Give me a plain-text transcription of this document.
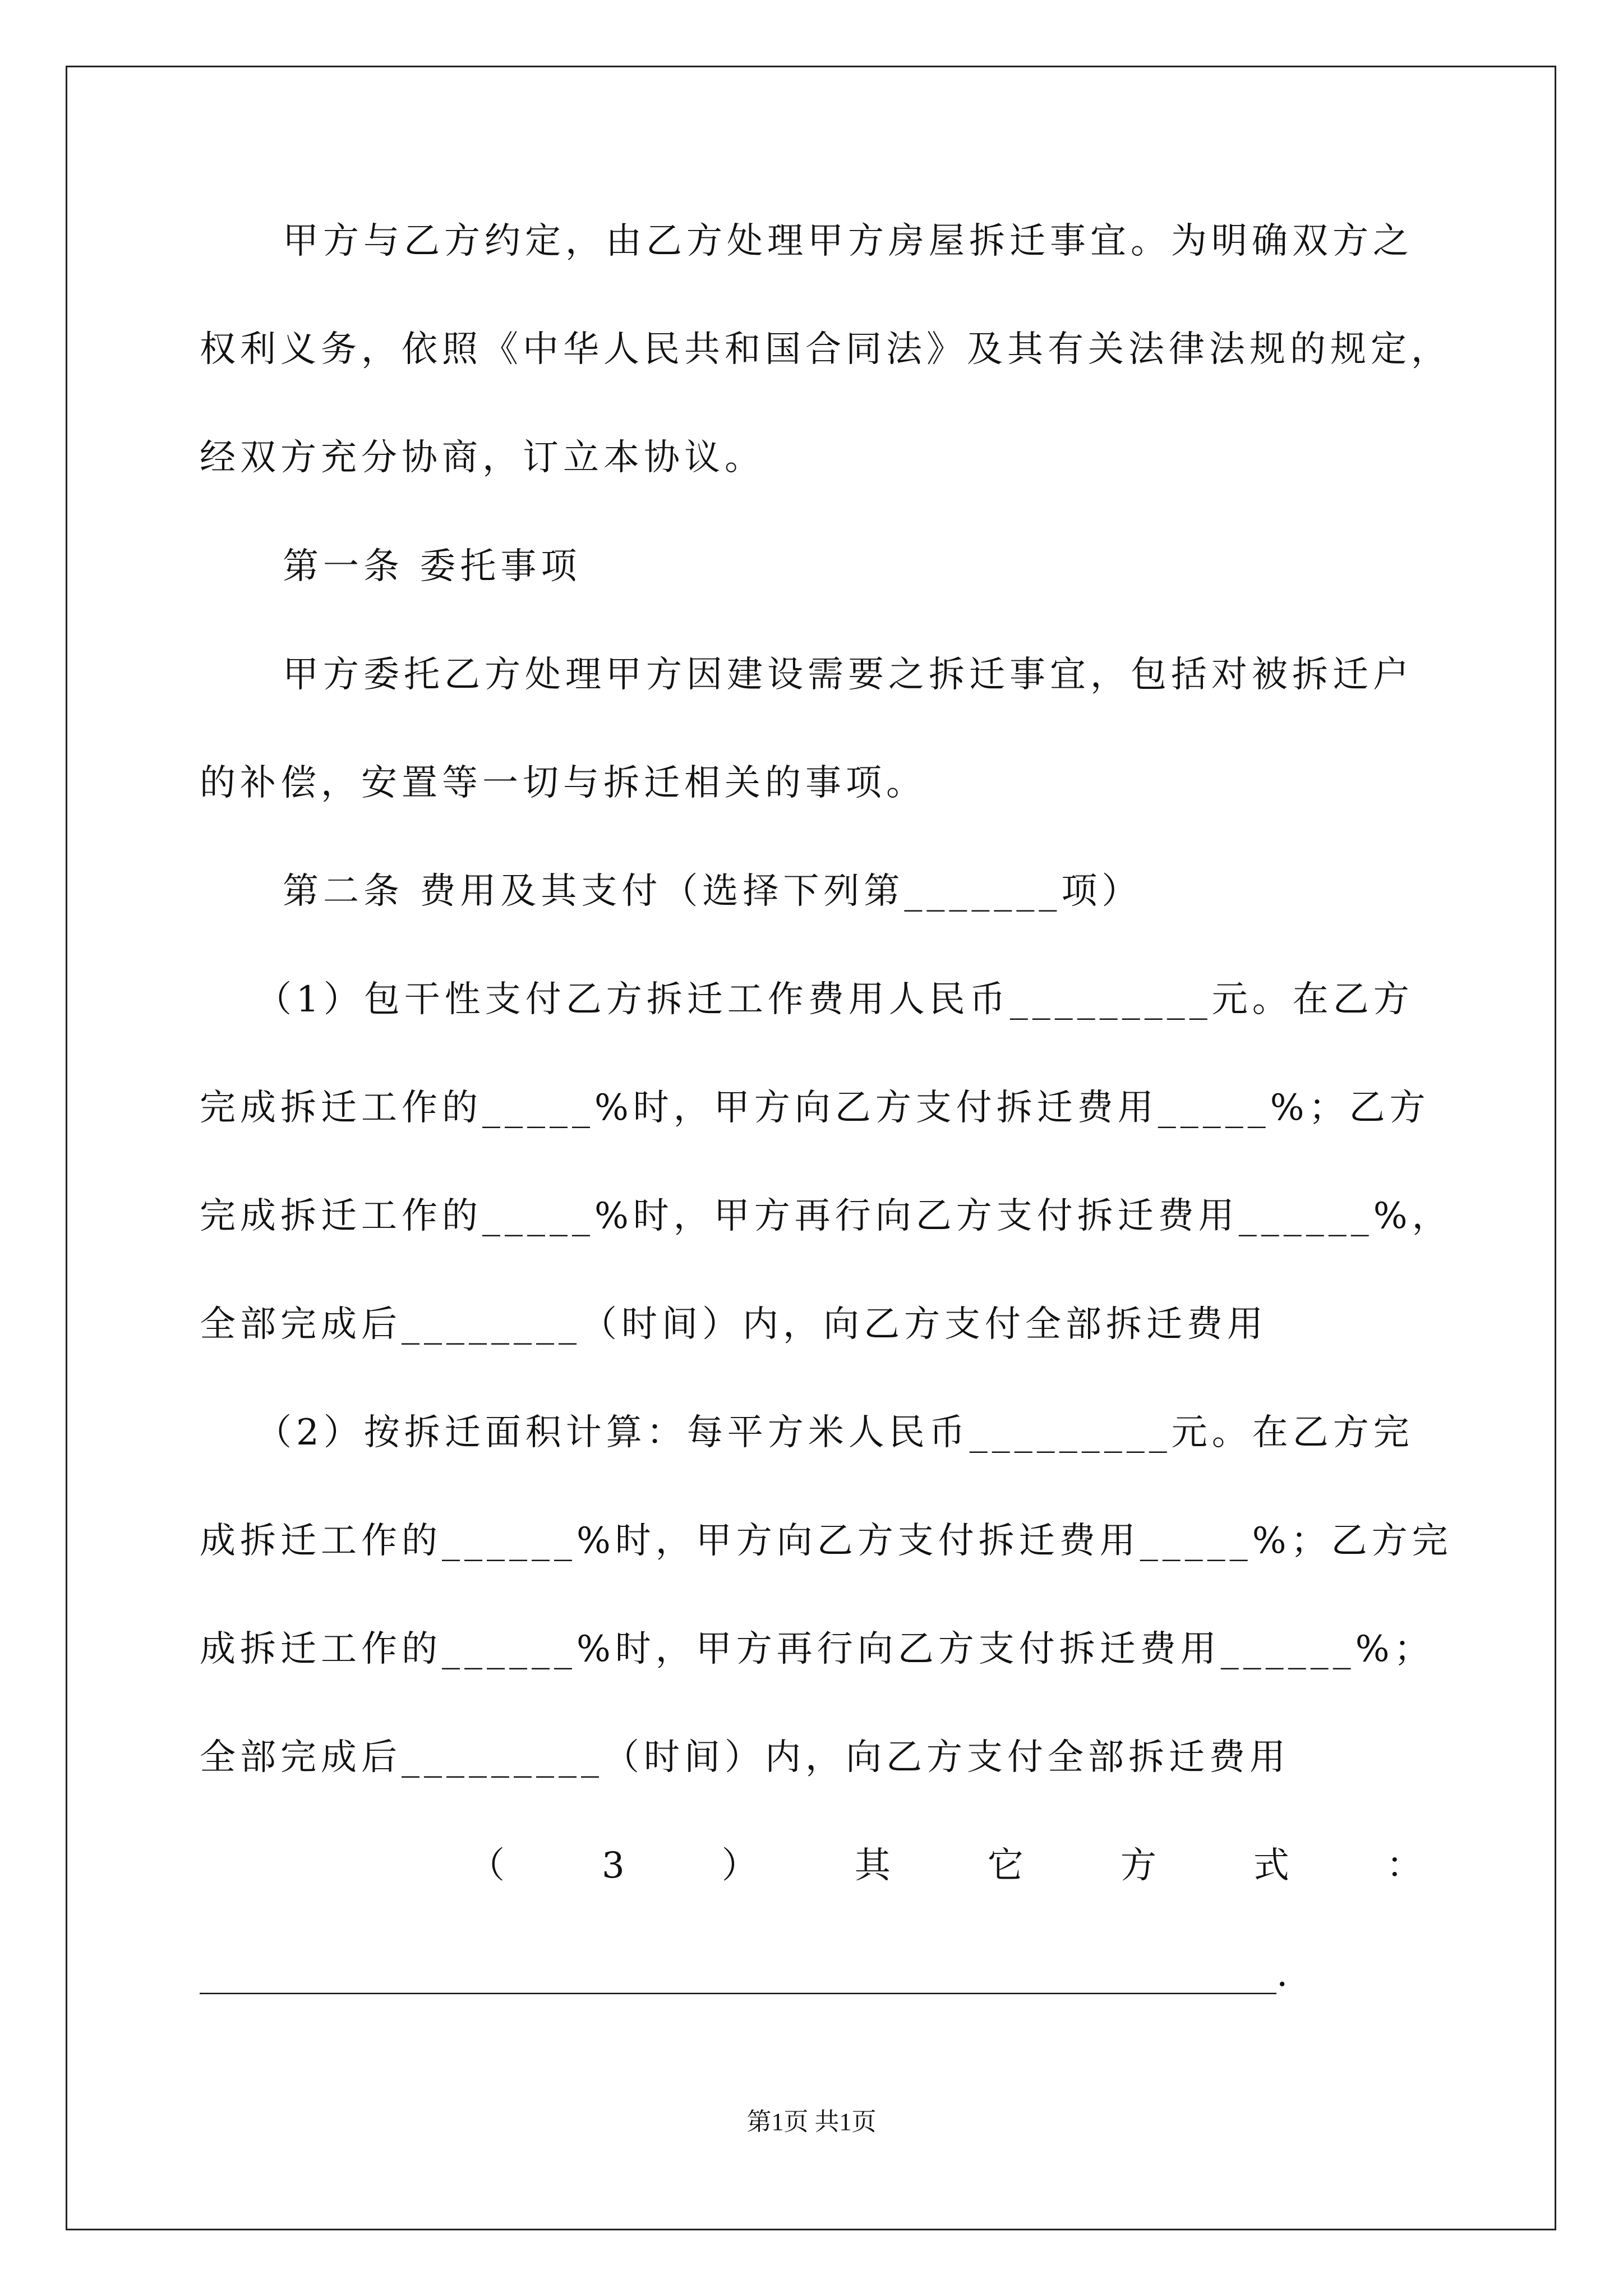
甲方与乙方约定，由乙方处理甲方房屋拆迁事宜。为明确双方之
权利义务，依照《中华人民共和国合同法》及其有关法律法规的规定，
经双方充分协商，订立本协议。
第一条 委托事项
甲方委托乙方处理甲方因建设需要之拆迁事宜，包括对被拆迁户
的补偿，安置等一切与拆迁相关的事项。
第二条 费用及其支付（选择下列第_______项）
（1）包干性支付乙方拆迁工作费用人民币_________元。在乙方
完成拆迁工作的_____%时，甲方向乙方支付拆迁费用_____%；乙方
完成拆迁工作的_____%时，甲方再行向乙方支付拆迁费用______%，
全部完成后________（时间）内，向乙方支付全部拆迁费用
（2）按拆迁面积计算：每平方米人民币_________元。在乙方完
成拆迁工作的______%时，甲方向乙方支付拆迁费用_____%；乙方完
成拆迁工作的______%时，甲方再行向乙方支付拆迁费用______%；
全部完成后_________（时间）内，向乙方支付全部拆迁费用
（	3	）	其	它	方	式	：
____________________________________________________________.
第1页 共1页
